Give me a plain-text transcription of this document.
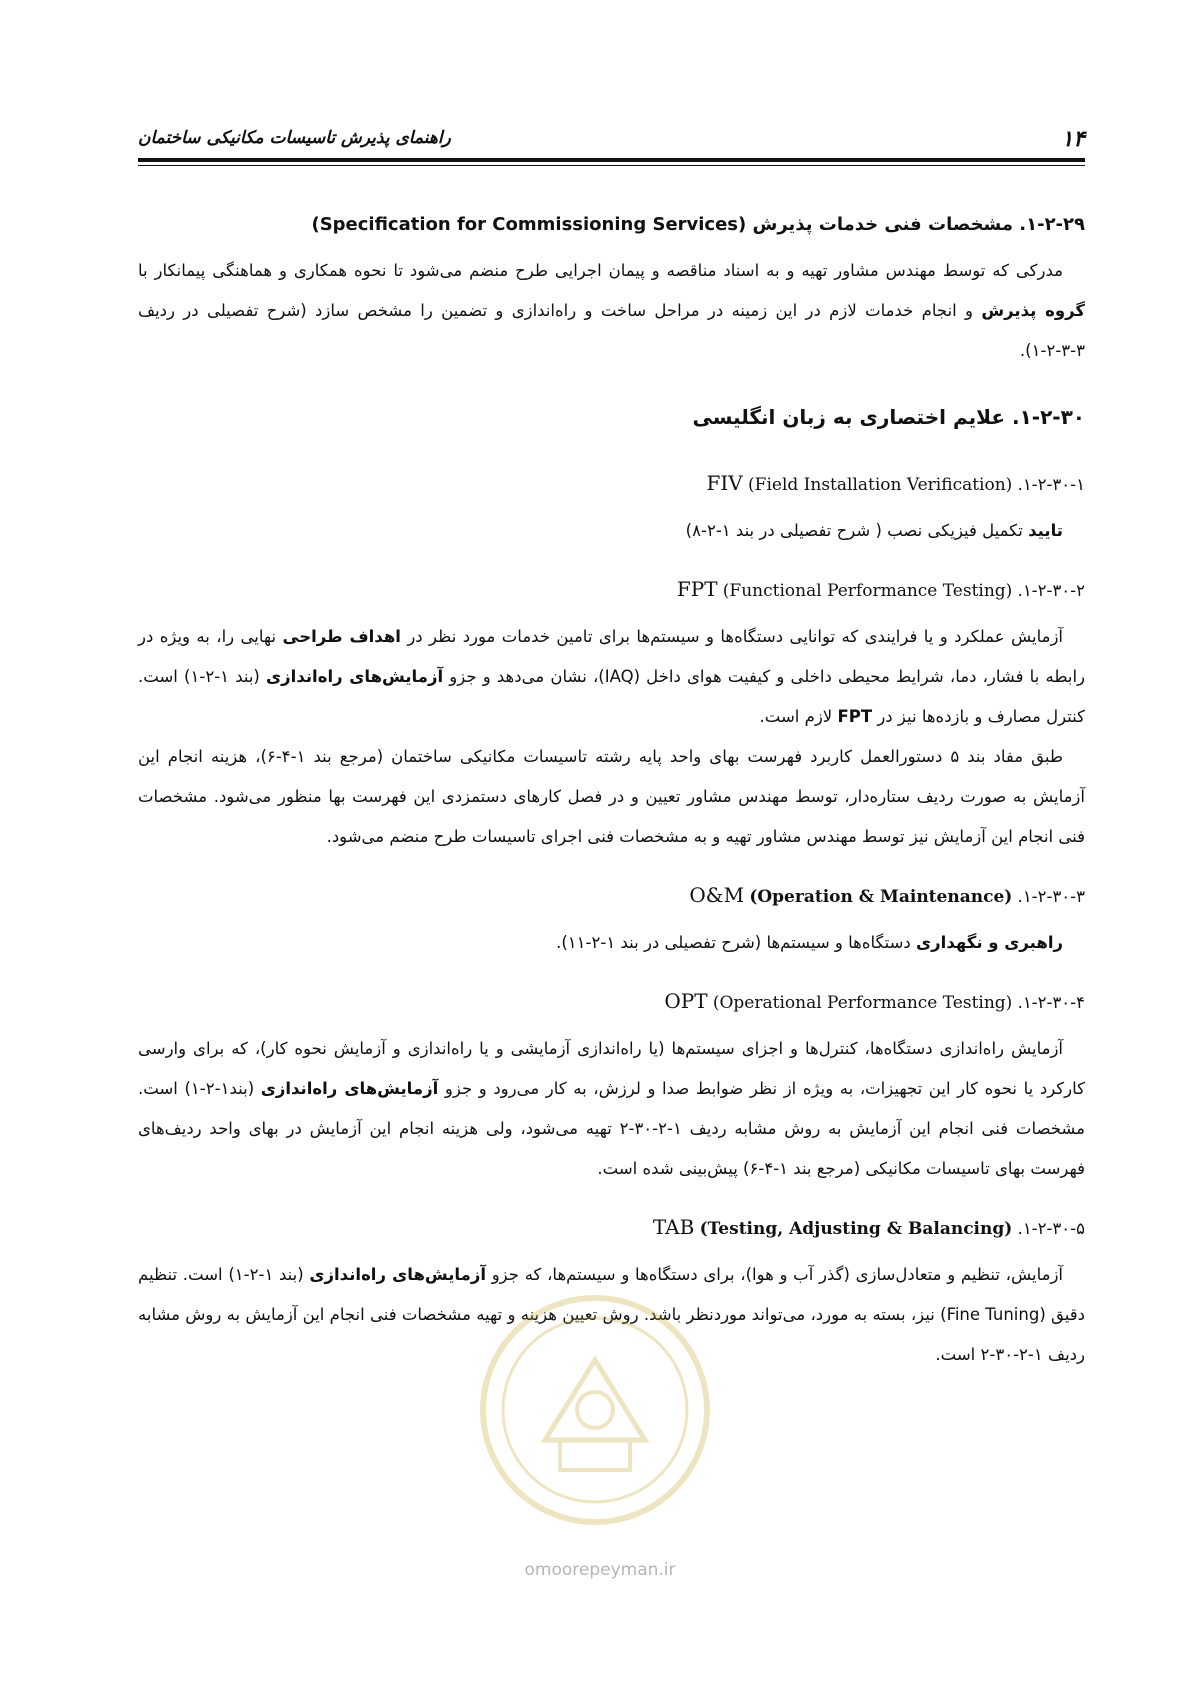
۱۴
راهنمای پذیرش تاسیسات مکانیکی ساختمان
۱-۲-۲۹. مشخصات فنی خدمات پذیرش (Specification for Commissioning Services)

مدرکی که توسط مهندس مشاور تهیه و به اسناد مناقصه و پیمان اجرایی طرح منضم می‌شود تا نحوه همکاری و هماهنگی پیمانکار با گروه پذیرش و انجام خدمات لازم در این زمینه در مراحل ساخت و راه‌اندازی و تضمین را مشخص سازد (شرح تفصیلی در ردیف ۳-۳-۲-۱).

۱-۲-۳۰. علایم اختصاری به زبان انگلیسی
۱-۲-۳۰-۱. FIV (Field Installation Verification)

تایید تکمیل فیزیکی نصب ( شرح تفصیلی در بند ۱-۲-۸)

۱-۲-۳۰-۲. FPT (Functional Performance Testing)

آزمایش عملکرد و یا فرایندی که توانایی دستگاه‌ها و سیستم‌ها برای تامین خدمات مورد نظر در اهداف طراحی نهایی را، به ویژه در رابطه با فشار، دما، شرایط محیطی داخلی و کیفیت هوای داخل (IAQ)، نشان می‌دهد و جزو آزمایش‌های راه‌اندازی (بند ۱-۲-۱) است. کنترل مصارف و بازده‌ها نیز در FPT لازم است.

طبق مفاد بند ۵ دستورالعمل کاربرد فهرست بهای واحد پایه رشته تاسیسات مکانیکی ساختمان (مرجع بند ۱-۴-۶)، هزینه انجام این آزمایش به صورت ردیف ستاره‌دار، توسط مهندس مشاور تعیین و در فصل کارهای دستمزدی این فهرست بها منظور می‌شود. مشخصات فنی انجام این آزمایش نیز توسط مهندس مشاور تهیه و به مشخصات فنی اجرای تاسیسات طرح منضم می‌شود.

۱-۲-۳۰-۳. O&M (Operation & Maintenance)

راهبری و نگهداری دستگاه‌ها و سیستم‌ها (شرح تفصیلی در بند ۱-۲-۱۱).

۱-۲-۳۰-۴. OPT (Operational Performance Testing)

آزمایش راه‌اندازی دستگاه‌ها، کنترل‌ها و اجزای سیستم‌ها (یا راه‌اندازی آزمایشی و یا راه‌اندازی و آزمایش نحوه کار)، که برای وارسی کارکرد یا نحوه کار این تجهیزات، به ویژه از نظر ضوابط صدا و لرزش، به کار می‌رود و جزو آزمایش‌های راه‌اندازی (بند۱-۲-۱) است. مشخصات فنی انجام این آزمایش به روش مشابه ردیف ۱-۲-۳۰-۲ تهیه می‌شود، ولی هزینه انجام این آزمایش در بهای واحد ردیف‌های فهرست بهای تاسیسات مکانیکی (مرجع بند ۱-۴-۶) پیش‌بینی شده است.

۱-۲-۳۰-۵. TAB (Testing, Adjusting & Balancing)

آزمایش، تنظیم و متعادل‌سازی (گذر آب و هوا)، برای دستگاه‌ها و سیستم‌ها، که جزو آزمایش‌های راه‌اندازی (بند ۱-۲-۱) است. تنظیم دقیق (Fine Tuning) نیز، بسته به مورد، می‌تواند مورد‌نظر باشد. روش تعیین هزینه و تهیه مشخصات فنی انجام این آزمایش به روش مشابه ردیف ۱-۲-۳۰-۲ است.

omoorepeyman.ir
